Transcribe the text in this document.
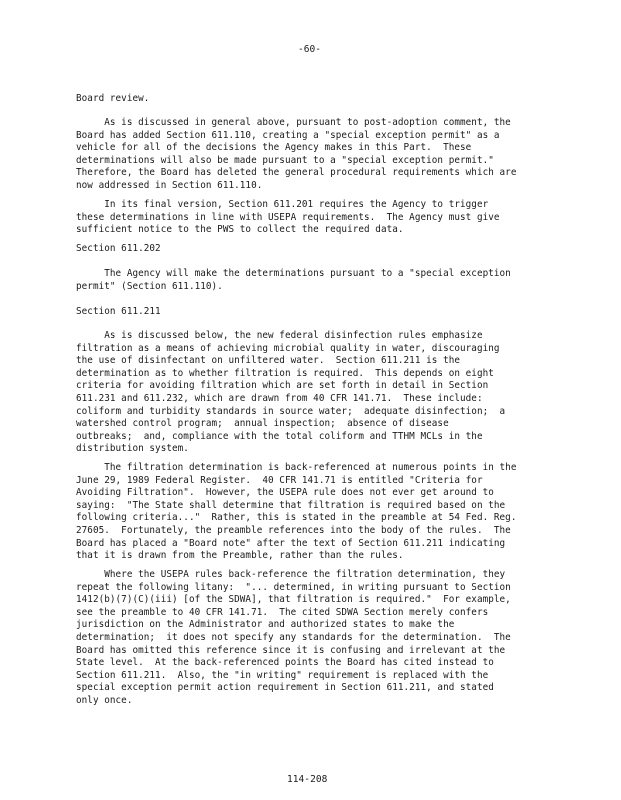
-60-
Board review.
As is discussed in general above, pursuant to post-adoption comment, the
Board has added Section 611.110, creating a "special exception permit" as a
vehicle for all of the decisions the Agency makes in this Part.  These
determinations will also be made pursuant to a "special exception permit."
Therefore, the Board has deleted the general procedural requirements which are
now addressed in Section 611.110.
In its final version, Section 611.201 requires the Agency to trigger
these determinations in line with USEPA requirements.  The Agency must give
sufficient notice to the PWS to collect the required data.
Section 611.202
The Agency will make the determinations pursuant to a "special exception
permit" (Section 611.110).
Section 611.211
As is discussed below, the new federal disinfection rules emphasize
filtration as a means of achieving microbial quality in water, discouraging
the use of disinfectant on unfiltered water.  Section 611.211 is the
determination as to whether filtration is required.  This depends on eight
criteria for avoiding filtration which are set forth in detail in Section
611.231 and 611.232, which are drawn from 40 CFR 141.71.  These include:
coliform and turbidity standards in source water;  adequate disinfection;  a
watershed control program;  annual inspection;  absence of disease
outbreaks;  and, compliance with the total coliform and TTHM MCLs in the
distribution system.
The filtration determination is back-referenced at numerous points in the
June 29, 1989 Federal Register.  40 CFR 141.71 is entitled "Criteria for
Avoiding Filtration".  However, the USEPA rule does not ever get around to
saying:  "The State shall determine that filtration is required based on the
following criteria..."  Rather, this is stated in the preamble at 54 Fed. Reg.
27605.  Fortunately, the preamble references into the body of the rules.  The
Board has placed a "Board note" after the text of Section 611.211 indicating
that it is drawn from the Preamble, rather than the rules.
Where the USEPA rules back-reference the filtration determination, they
repeat the following litany:  "... determined, in writing pursuant to Section
1412(b)(7)(C)(iii) [of the SDWA], that filtration is required."  For example,
see the preamble to 40 CFR 141.71.  The cited SDWA Section merely confers
jurisdiction on the Administrator and authorized states to make the
determination;  it does not specify any standards for the determination.  The
Board has omitted this reference since it is confusing and irrelevant at the
State level.  At the back-referenced points the Board has cited instead to
Section 611.211.  Also, the "in writing" requirement is replaced with the
special exception permit action requirement in Section 611.211, and stated
only once.
114-208
